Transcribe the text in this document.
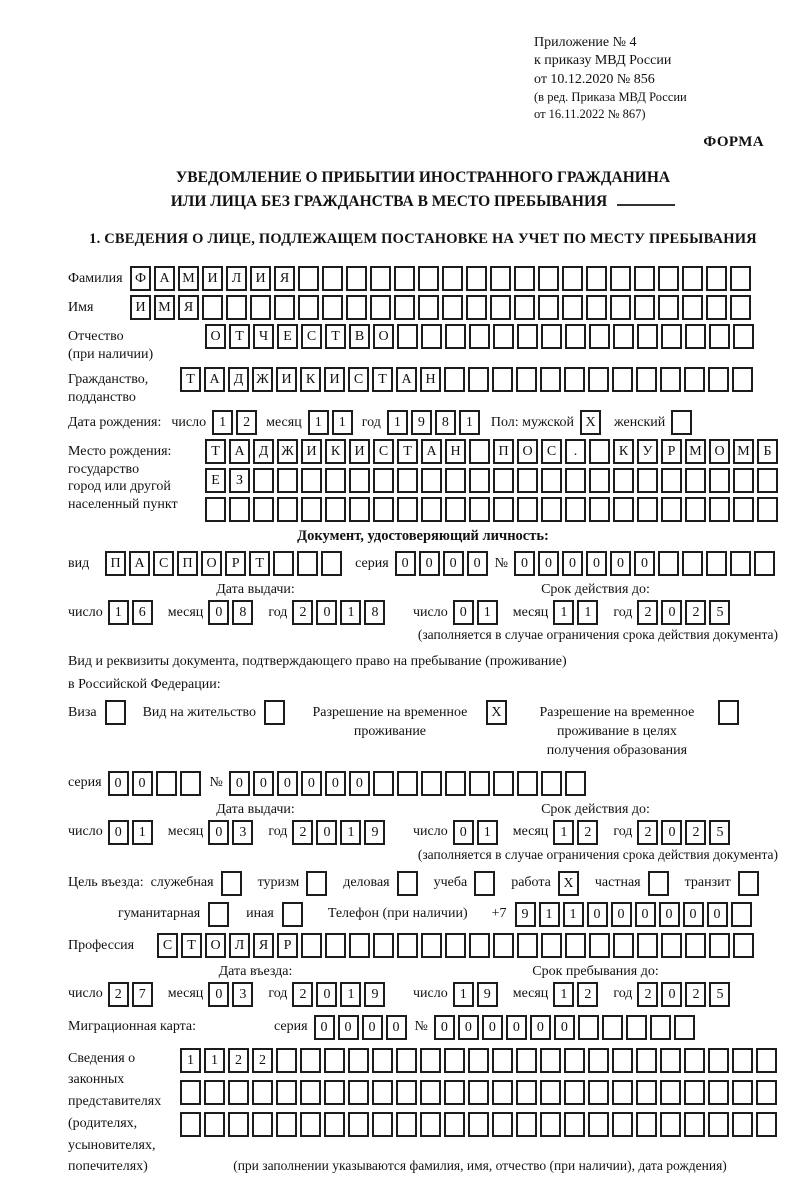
Приложение № 4
к приказу МВД России
от 10.12.2020 № 856
(в ред. Приказа МВД России
от 16.11.2022 № 867)
ФОРМА
УВЕДОМЛЕНИЕ О ПРИБЫТИИ ИНОСТРАННОГО ГРАЖДАНИНА
ИЛИ ЛИЦА БЕЗ ГРАЖДАНСТВА В МЕСТО ПРЕБЫВАНИЯ
1. СВЕДЕНИЯ О ЛИЦЕ, ПОДЛЕЖАЩЕМ ПОСТАНОВКЕ НА УЧЕТ ПО МЕСТУ ПРЕБЫВАНИЯ
Фамилия Ф А М И	Л	И	Я
Имя	И М Я
Отчество
(при наличии)
О	Т	Ч	Е	С	Т	В	О
Гражданство,
подданство
Т	А	Д Ж И	К	И	С	Т	А Н
Дата рождения: число 1	2	месяц 1	1	год 1	9	8	1	Пол: мужской X	женский
Место рождения:
государство
город или другой
населенный пункт
Т	А	Д Ж И	К	И	С	Т	А Н	П О	С	.	К	У	Р М О М Б
Е	З
Документ, удостоверяющий личность:
вид	П А	С	П О	Р	Т	серия 0	0	0	0	№ 0	0	0	0	0	0
Дата выдачи:
число 1	6	месяц 0	8	год 2	0	1	8
Срок действия до:
число 0	1	месяц 1	1	год 2	0	2	5
(заполняется в случае ограничения срока действия документа)
Вид и реквизиты документа, подтверждающего право на пребывание (проживание)
в Российской Федерации:
Виза	Вид на жительство	Разрешение на временное проживание
X	Разрешение на временное проживание в целях получения образования
серия 0	0	№ 0	0	0	0	0	0
Дата выдачи:
число 0	1	месяц 0	3	год 2	0	1	9
Срок действия до:
число 0	1	месяц 1	2	год 2	0	2	5
(заполняется в случае ограничения срока действия документа)
Цель въезда: служебная	туризм	деловая	учеба	работа X	частная	транзит
гуманитарная	иная	Телефон (при наличии) +7	9	1	1	0	0	0	0	0	0
Профессия	С	Т	О	Л	Я	Р
Дата въезда:
число 2	7	месяц 0	3	год 2	0	1	9
Срок пребывания до:
число 1	9	месяц 1	2	год 2	0	2	5
Миграционная карта:	серия 0	0	0	0	№ 0	0	0	0	0	0
Сведения о
законных
представителях
(родителях,
усыновителях,
попечителях)
1	1	2	2
(при заполнении указываются фамилия, имя, отчество (при наличии), дата рождения)
